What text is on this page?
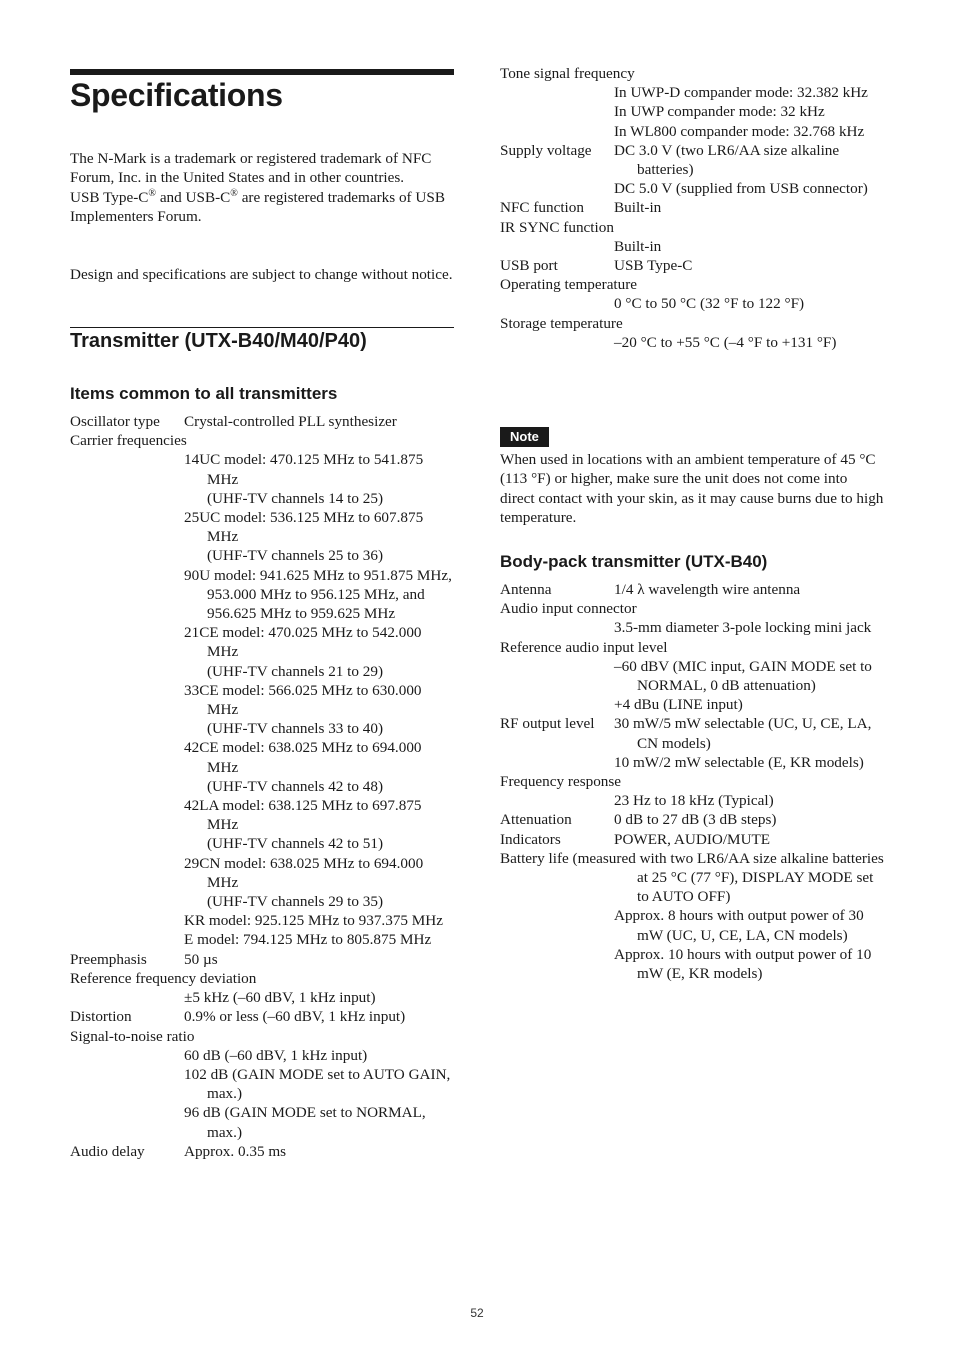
Specifications

The N-Mark is a trademark or registered trademark of NFC Forum, Inc. in the United States and in other countries.
USB Type-C® and USB-C® are registered trademarks of USB Implementers Forum.

Design and specifications are subject to change without notice.

Transmitter (UTX-B40/M40/P40)
Items common to all transmitters
Oscillator type Crystal-controlled PLL synthesizer
Carrier frequencies
14UC model: 470.125 MHz to 541.875 MHz
(UHF-TV channels 14 to 25)
25UC model: 536.125 MHz to 607.875 MHz
(UHF-TV channels 25 to 36)
90U model: 941.625 MHz to 951.875 MHz, 953.000 MHz to 956.125 MHz, and 956.625 MHz to 959.625 MHz
21CE model: 470.025 MHz to 542.000 MHz
(UHF-TV channels 21 to 29)
33CE model: 566.025 MHz to 630.000 MHz
(UHF-TV channels 33 to 40)
42CE model: 638.025 MHz to 694.000 MHz
(UHF-TV channels 42 to 48)
42LA model: 638.125 MHz to 697.875 MHz
(UHF-TV channels 42 to 51)
29CN model: 638.025 MHz to 694.000 MHz
(UHF-TV channels 29 to 35)
KR model: 925.125 MHz to 937.375 MHz
E model: 794.125 MHz to 805.875 MHz
Preemphasis 50 µs
Reference frequency deviation
±5 kHz (–60 dBV, 1 kHz input)
Distortion	0.9% or less (–60 dBV, 1 kHz input)
Signal-to-noise ratio
60 dB (–60 dBV, 1 kHz input)
102 dB (GAIN MODE set to AUTO GAIN, max.)
96 dB (GAIN MODE set to NORMAL, max.)
Audio delay	Approx. 0.35 ms
Tone signal frequency
In UWP-D compander mode: 32.382 kHz
In UWP compander mode: 32 kHz
In WL800 compander mode: 32.768 kHz
Supply voltage DC 3.0 V (two LR6/AA size alkaline batteries)
DC 5.0 V (supplied from USB connector)
NFC function Built-in
IR SYNC function
Built-in
USB port	USB Type-C
Operating temperature
0 °C to 50 °C (32 °F to 122 °F)
Storage temperature
–20 °C to +55 °C (–4 °F to +131 °F)
Note

When used in locations with an ambient temperature of 45 °C (113 °F) or higher, make sure the unit does not come into direct contact with your skin, as it may cause burns due to high temperature.

Body-pack transmitter (UTX-B40)
Antenna	1/4 λ wavelength wire antenna
Audio input connector
3.5-mm diameter 3-pole locking mini jack
Reference audio input level
–60 dBV (MIC input, GAIN MODE set to NORMAL, 0 dB attenuation)
+4 dBu (LINE input)
RF output level 30 mW/5 mW selectable (UC, U, CE, LA, CN models)
10 mW/2 mW selectable (E, KR models)
Frequency response
23 Hz to 18 kHz (Typical)
Attenuation	0 dB to 27 dB (3 dB steps)
Indicators	POWER, AUDIO/MUTE
Battery life (measured with two LR6/AA size alkaline batteries at 25 °C (77 °F), DISPLAY MODE set to AUTO OFF)
Approx. 8 hours with output power of 30 mW (UC, U, CE, LA, CN models)
Approx. 10 hours with output power of 10 mW (E, KR models)
52
